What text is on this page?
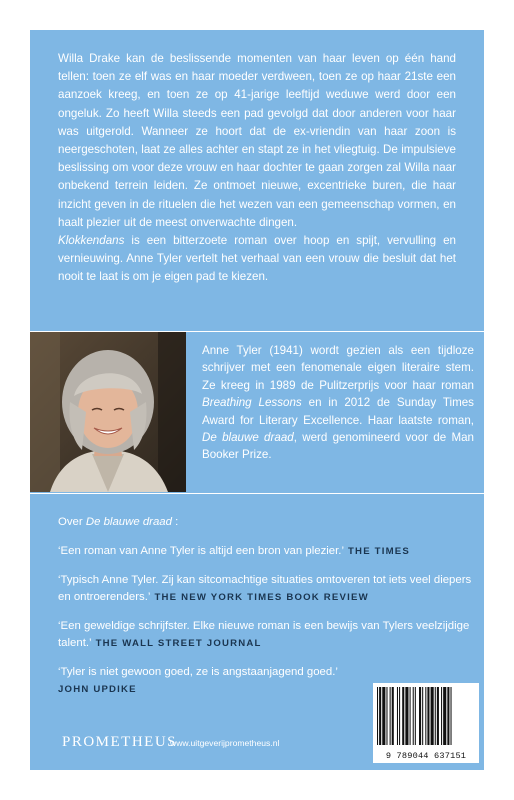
Willa Drake kan de beslissende momenten van haar leven op één hand tellen: toen ze elf was en haar moeder verdween, toen ze op haar 21ste een aanzoek kreeg, en toen ze op 41-jarige leeftijd weduwe werd door een ongeluk. Zo heeft Willa steeds een pad gevolgd dat door anderen voor haar was uitgerold. Wanneer ze hoort dat de ex-vriendin van haar zoon is neergeschoten, laat ze alles achter en stapt ze in het vliegtuig. De impulsieve beslissing om voor deze vrouw en haar dochter te gaan zorgen zal Willa naar onbekend terrein leiden. Ze ontmoet nieuwe, excentrieke buren, die haar inzicht geven in de rituelen die het wezen van een gemeenschap vormen, en haalt plezier uit de meest onverwachte dingen.

Klokkendans is een bitterzoete roman over hoop en spijt, vervulling en vernieuwing. Anne Tyler vertelt het verhaal van een vrouw die besluit dat het nooit te laat is om je eigen pad te kiezen.

Anne Tyler (1941) wordt gezien als een tijdloze schrijver met een fenomenale eigen literaire stem. Ze kreeg in 1989 de Pulitzerprijs voor haar roman Breathing Lessons en in 2012 de Sunday Times Award for Literary Excellence. Haar laatste roman, De blauwe draad, werd genomineerd voor de Man Booker Prize.

Over De blauwe draad :

‘Een roman van Anne Tyler is altijd een bron van plezier.’ THE TIMES

‘Typisch Anne Tyler. Zij kan sitcomachtige situaties omtoveren tot iets veel diepers en ontroerenders.’ THE NEW YORK TIMES BOOK REVIEW

‘Een geweldige schrijfster. Elke nieuwe roman is een bewijs van Tylers veelzijdige talent.’ THE WALL STREET JOURNAL

‘Tyler is niet gewoon goed, ze is angstaanjagend goed.’
JOHN UPDIKE

PROMETHEUS
www.uitgeverijprometheus.nl
9 789044 637151
